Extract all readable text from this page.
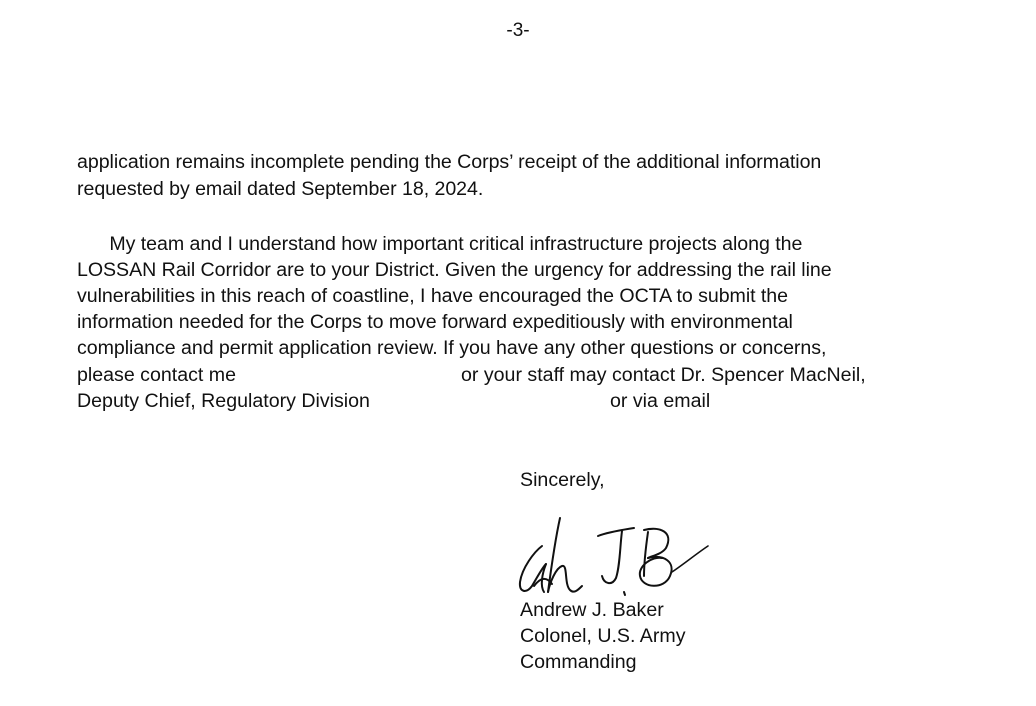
-3-
application remains incomplete pending the Corps’ receipt of the additional information
requested by email dated September 18, 2024.
My team and I understand how important critical infrastructure projects along the
LOSSAN Rail Corridor are to your District. Given the urgency for addressing the rail line
vulnerabilities in this reach of coastline, I have encouraged the OCTA to submit the
information needed for the Corps to move forward expeditiously with environmental
compliance and permit application review. If you have any other questions or concerns,
please contact me	or your staff may contact Dr. Spencer MacNeil,
Deputy Chief, Regulatory Division	or via email
Sincerely,
Andrew J. Baker
Colonel, U.S. Army
Commanding
